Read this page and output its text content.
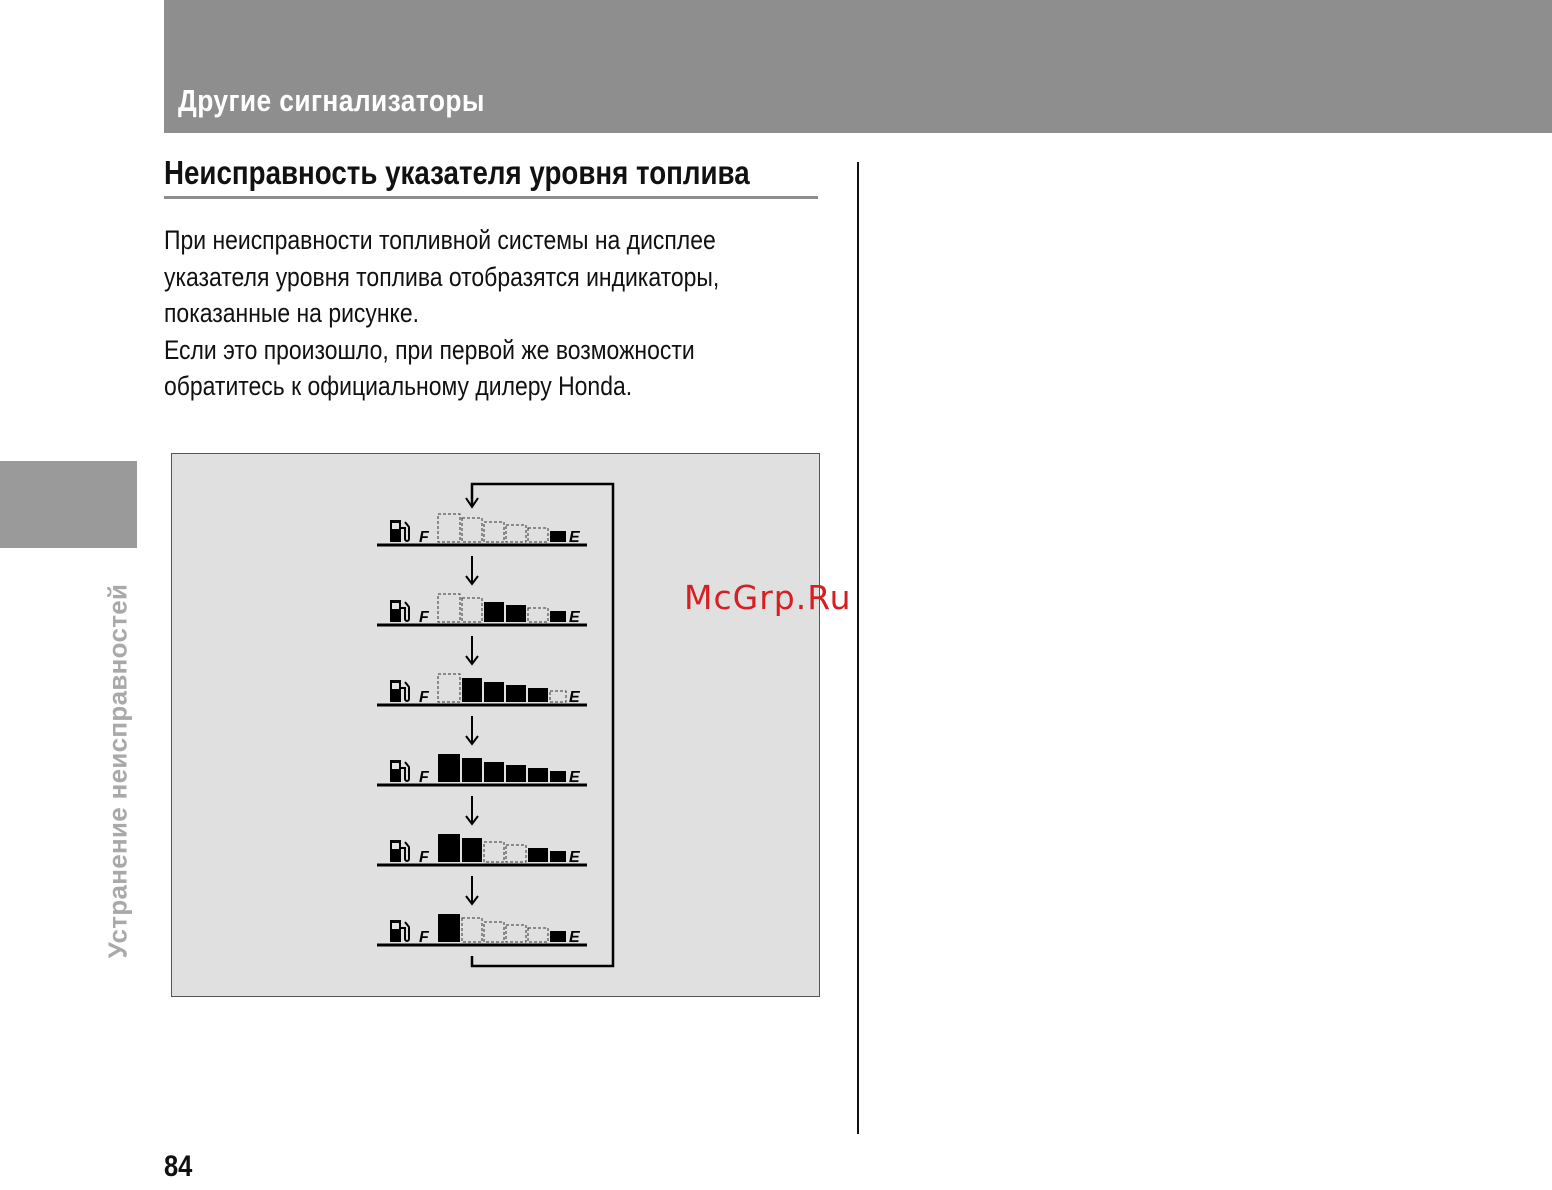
Другие сигнализаторы

Устранение неисправностей

Неисправность указателя уровня топлива

При неисправности топливной системы на дисплее

указателя уровня топлива отобразятся индикаторы,

показанные на рисунке.

Если это произошло, при первой же возможности

обратитесь к официальному дилеру Honda.

F	E
F	E
F	E
F	E
F	E
F	E

McGrp.Ru

84
